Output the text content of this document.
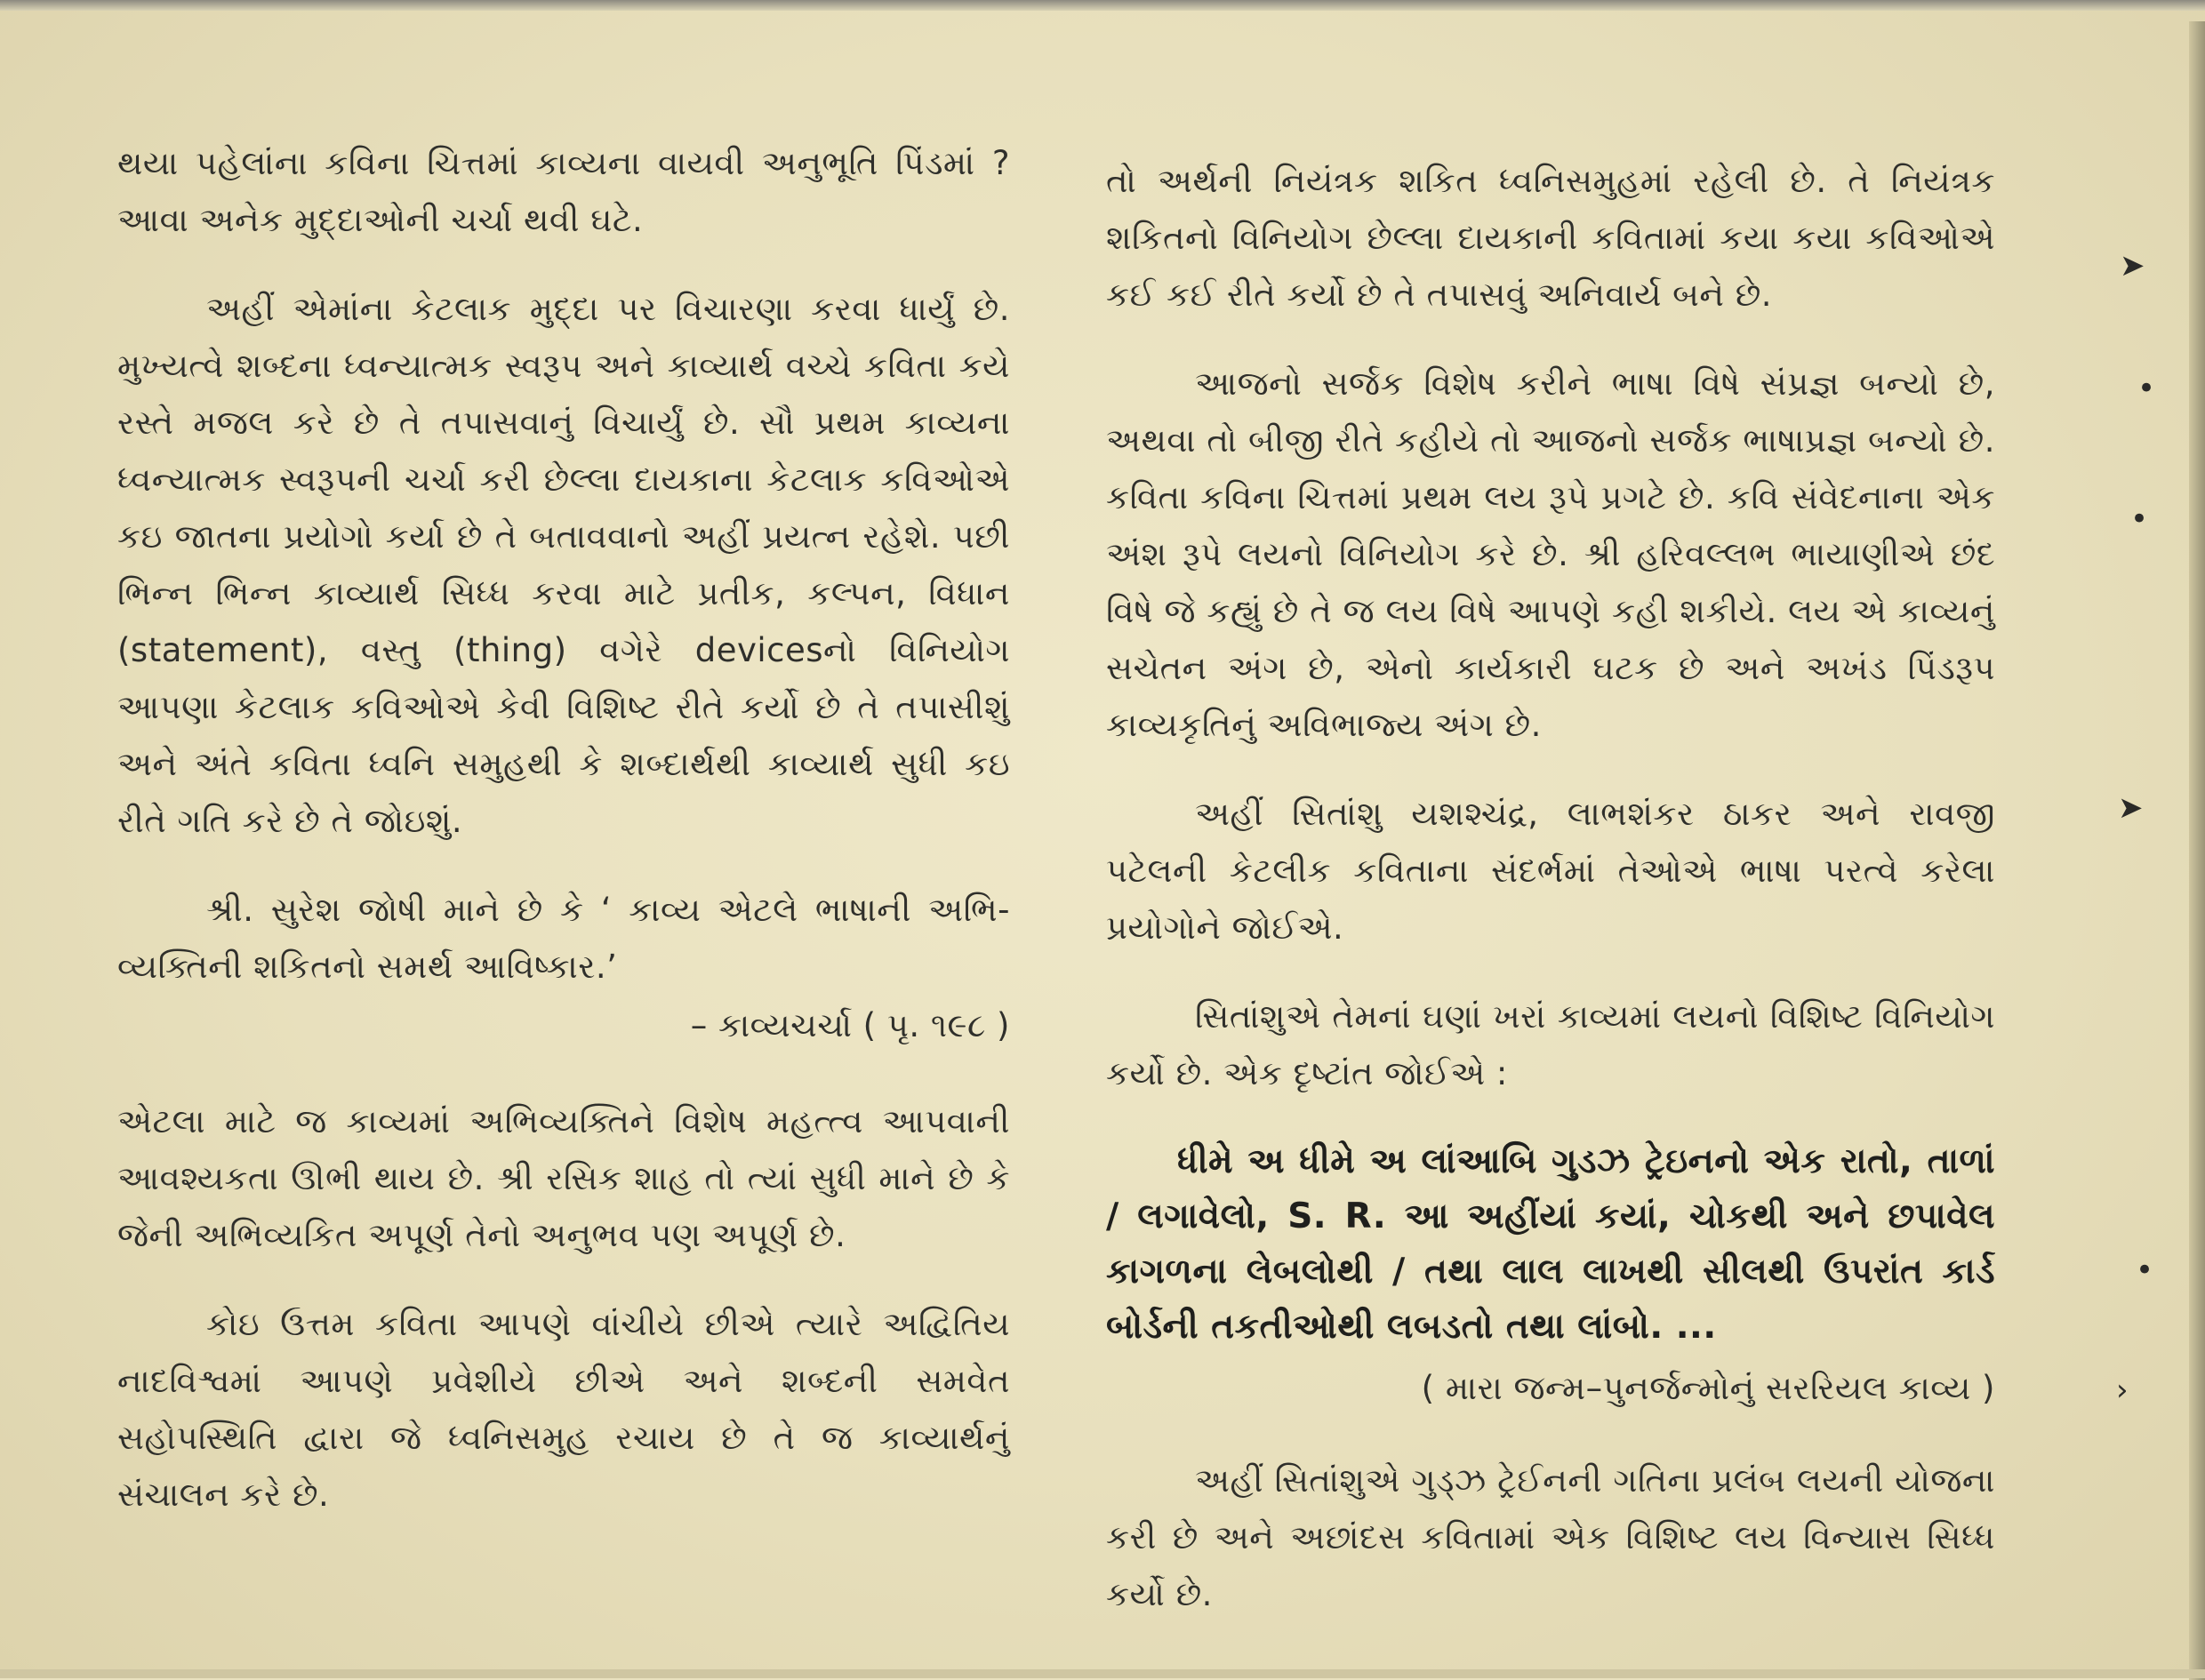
થયા પહેલાંના કવિના ચિત્તમાં કાવ્યના વાયવી અનુભૂતિ પિંડમાં ? આવા અનેક મુદ્દાઓની ચર્ચા થવી ઘટે.

અહીં એમાંના કેટલાક મુદ્દા પર વિચારણા કરવા ધાર્યું છે. મુખ્યત્વે શબ્દના ધ્વન્યાત્મક સ્વરૂપ અને કાવ્યાર્થ વચ્ચે કવિતા કયે રસ્તે મજલ કરે છે તે તપાસવાનું વિચાર્યું છે. સૌ પ્રથમ કાવ્યના ધ્વન્યાત્મક સ્વરૂપની ચર્ચા કરી છેલ્લા દાયકાના કેટલાક કવિઓએ કઇ જાતના પ્રયોગો કર્યા છે તે બતાવવાનો અહીં પ્રયત્ન રહેશે. પછી ભિન્ન ભિન્ન કાવ્યાર્થ સિધ્ધ કરવા માટે પ્રતીક, કલ્પન, વિધાન (statement), વસ્તુ (thing) વગેરે devicesનો વિનિયોગ આપણા કેટલાક કવિઓએ કેવી વિશિષ્ટ રીતે કર્યો છે તે તપાસીશું અને અંતે કવિતા ધ્વનિ સમુહથી કે શબ્દાર્થથી કાવ્યાર્થ સુધી કઇ રીતે ગતિ કરે છે તે જોઇશું.

શ્રી. સુરેશ જોષી માને છે કે ‘ કાવ્ય એટલે ભાષાની અભિ-વ્યક્તિની શકિતનો સમર્થ આવિષ્કાર.’

– કાવ્યચર્ચા ( પૃ. ૧૯૮ )

એટલા માટે જ કાવ્યમાં અભિવ્યક્તિને વિશેષ મહત્ત્વ આપવાની આવશ્યકતા ઊભી થાય છે. શ્રી રસિક શાહ તો ત્યાં સુધી માને છે કે જેની અભિવ્યકિત અપૂર્ણ તેનો અનુભવ પણ અપૂર્ણ છે.

કોઇ ઉત્તમ કવિતા આપણે વાંચીયે છીએ ત્યારે અદ્વિતિય નાદવિશ્વમાં આપણે પ્રવેશીયે છીએ અને શબ્દની સમવેત સહોપસ્થિતિ દ્વારા જે ધ્વનિસમુહ રચાય છે તે જ કાવ્યાર્થનું સંચાલન કરે છે.

તો અર્થની નિયંત્રક શકિત ધ્વનિસમુહમાં રહેલી છે. તે નિયંત્રક શકિતનો વિનિયોગ છેલ્લા દાયકાની કવિતામાં કયા કયા કવિઓએ કઈ કઈ રીતે કર્યો છે તે તપાસવું અનિવાર્ય બને છે.

આજનો સર્જક વિશેષ કરીને ભાષા વિષે સંપ્રજ્ઞ બન્યો છે, અથવા તો બીજી રીતે કહીયે તો આજનો સર્જક ભાષાપ્રજ્ઞ બન્યો છે. કવિતા કવિના ચિત્તમાં પ્રથમ લય રૂપે પ્રગટે છે. કવિ સંવેદનાના એક અંશ રૂપે લયનો વિનિયોગ કરે છે. શ્રી હરિવલ્લભ ભાયાણીએ છંદ વિષે જે કહ્યું છે તે જ લય વિષે આપણે કહી શકીયે. લય એ કાવ્યનું સચેતન અંગ છે, એનો કાર્યકારી ઘટક છે અને અખંડ પિંડરૂપ કાવ્યકૃતિનું અવિભાજ્ય અંગ છે.

અહીં સિતાંશુ યશશ્ચંદ્ર, લાભશંકર ઠાકર અને રાવજી પટેલની કેટલીક કવિતાના સંદર્ભમાં તેઓએ ભાષા પરત્વે કરેલા પ્રયોગોને જોઈએ.

સિતાંશુએ તેમનાં ઘણાં ખરાં કાવ્યમાં લયનો વિશિષ્ટ વિનિયોગ કર્યો છે. એક દૃષ્ટાંત જોઈએ :

ધીમે અ ધીમે અ લાંઆબિ ગુડઝ ટ્રેઇનનો એક રાતો, તાળાં / લગાવેલો, S. R. આ અહીંયાં કયાં, ચોકથી અને છપાવેલ કાગળના લેબલોથી / તથા લાલ લાખથી સીલથી ઉપરાંત કાર્ડ બોર્ડની તકતીઓથી લબડતો તથા લાંબો. ...

( મારા જન્મ–પુનર્જન્મોનું સરરિયલ કાવ્ય )

અહીં સિતાંશુએ ગુડ્ઝ ટ્રેઈનની ગતિના પ્રલંબ લયની યોજના કરી છે અને અછાંદસ કવિતામાં એક વિશિષ્ટ લય વિન્યાસ સિધ્ધ કર્યો છે.

➤
•
•
➤
•
›
